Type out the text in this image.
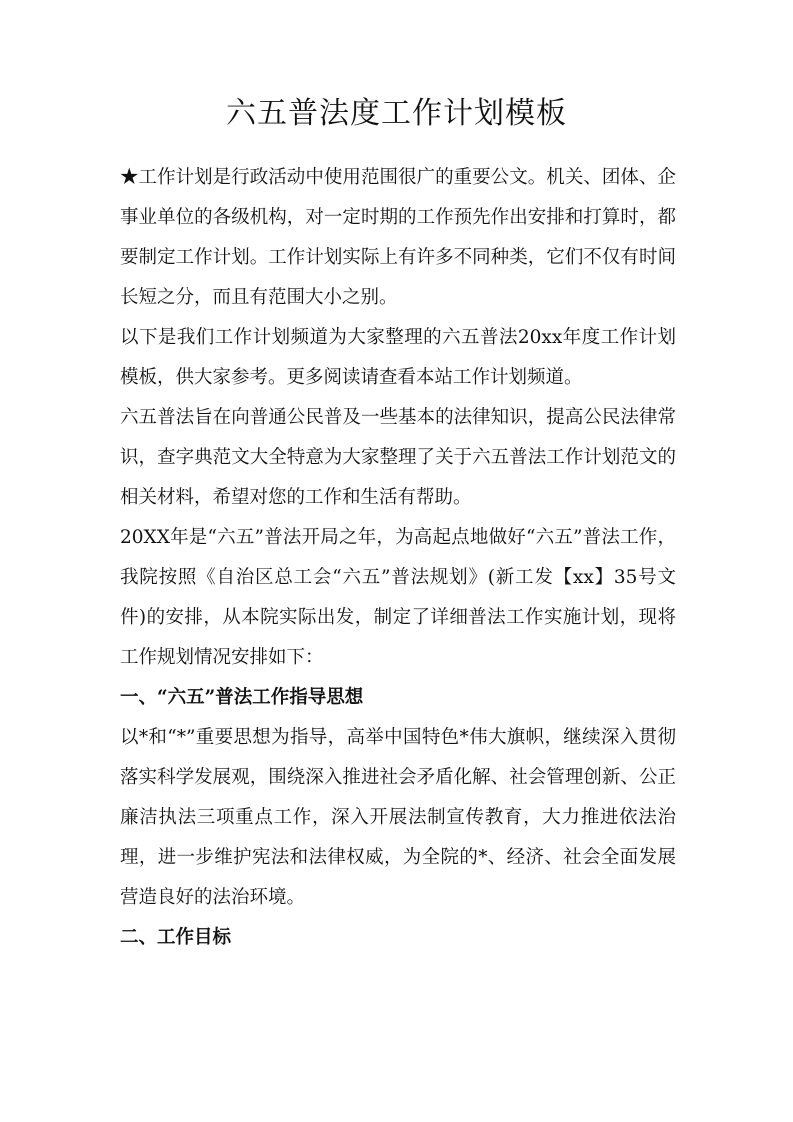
六五普法度工作计划模板

★工作计划是行政活动中使用范围很广的重要公文。机关、团体、企事业单位的各级机构，对一定时期的工作预先作出安排和打算时，都要制定工作计划。工作计划实际上有许多不同种类，它们不仅有时间长短之分，而且有范围大小之别。

以下是我们工作计划频道为大家整理的六五普法20xx年度工作计划模板，供大家参考。更多阅读请查看本站工作计划频道。

六五普法旨在向普通公民普及一些基本的法律知识，提高公民法律常识，查字典范文大全特意为大家整理了关于六五普法工作计划范文的相关材料，希望对您的工作和生活有帮助。

20XX年是“六五”普法开局之年，为高起点地做好“六五”普法工作，我院按照《自治区总工会“六五”普法规划》(新工发【xx】35号文件)的安排，从本院实际出发，制定了详细普法工作实施计划，现将工作规划情况安排如下：

一、“六五”普法工作指导思想

以*和“*”重要思想为指导，高举中国特色*伟大旗帜，继续深入贯彻落实科学发展观，围绕深入推进社会矛盾化解、社会管理创新、公正廉洁执法三项重点工作，深入开展法制宣传教育，大力推进依法治理，进一步维护宪法和法律权威，为全院的*、经济、社会全面发展营造良好的法治环境。

二、工作目标
